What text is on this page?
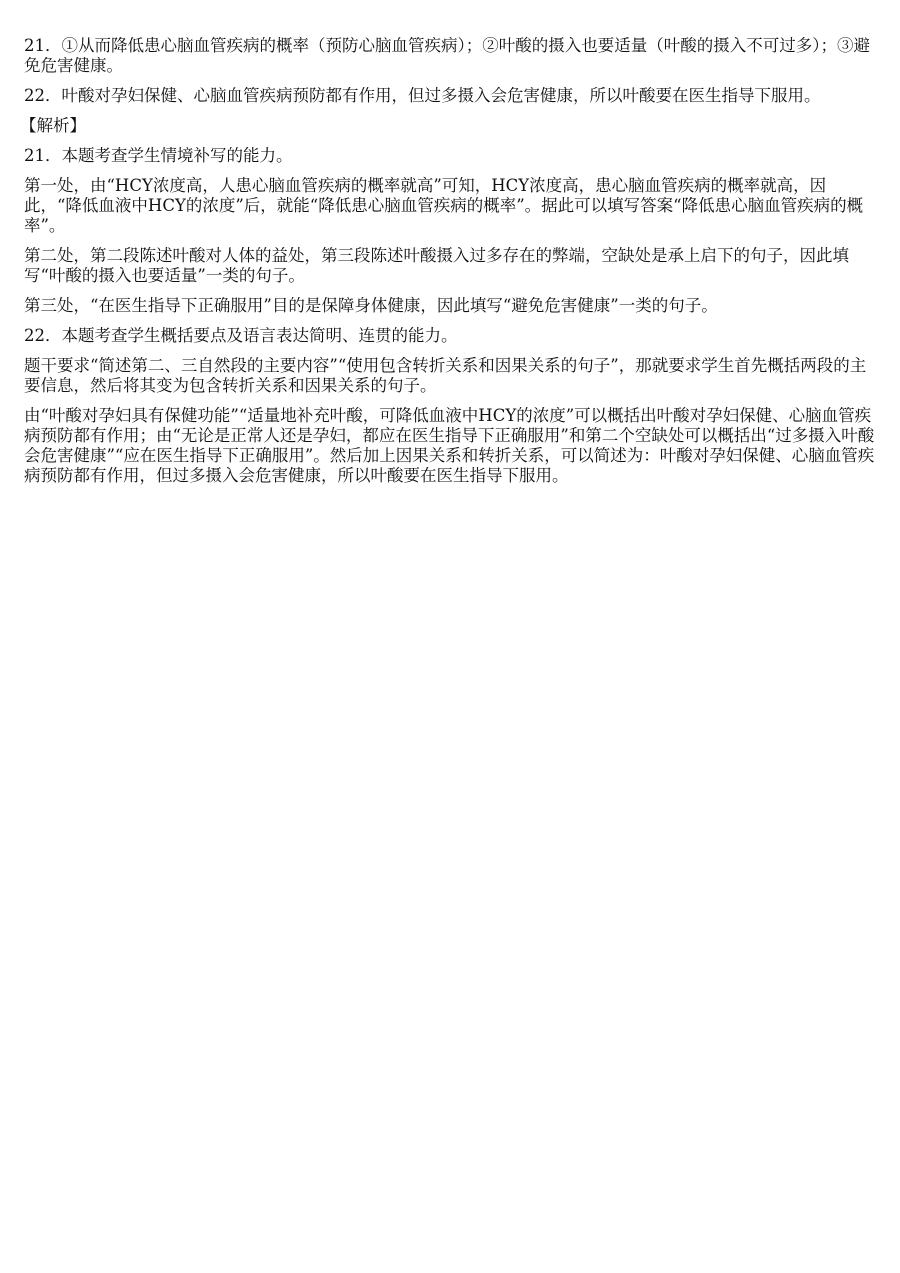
21．①从而降低患心脑血管疾病的概率（预防心脑血管疾病）；②叶酸的摄入也要适量（叶酸的摄入不可过多）；③避免危害健康。

22．叶酸对孕妇保健、心脑血管疾病预防都有作用，但过多摄入会危害健康，所以叶酸要在医生指导下服用。

【解析】

21．本题考查学生情境补写的能力。

第一处，由“HCY浓度高，人患心脑血管疾病的概率就高”可知，HCY浓度高，患心脑血管疾病的概率就高，因此，“降低血液中HCY的浓度”后，就能“降低患心脑血管疾病的概率”。据此可以填写答案“降低患心脑血管疾病的概率”。

第二处，第二段陈述叶酸对人体的益处，第三段陈述叶酸摄入过多存在的弊端，空缺处是承上启下的句子，因此填写“叶酸的摄入也要适量”一类的句子。

第三处，“在医生指导下正确服用”目的是保障身体健康，因此填写“避免危害健康”一类的句子。

22．本题考查学生概括要点及语言表达简明、连贯的能力。

题干要求“简述第二、三自然段的主要内容”“使用包含转折关系和因果关系的句子”，那就要求学生首先概括两段的主要信息，然后将其变为包含转折关系和因果关系的句子。

由“叶酸对孕妇具有保健功能”“适量地补充叶酸，可降低血液中HCY的浓度”可以概括出叶酸对孕妇保健、心脑血管疾病预防都有作用；由“无论是正常人还是孕妇，都应在医生指导下正确服用”和第二个空缺处可以概括出“过多摄入叶酸会危害健康”“应在医生指导下正确服用”。然后加上因果关系和转折关系，可以简述为：叶酸对孕妇保健、心脑血管疾病预防都有作用，但过多摄入会危害健康，所以叶酸要在医生指导下服用。
